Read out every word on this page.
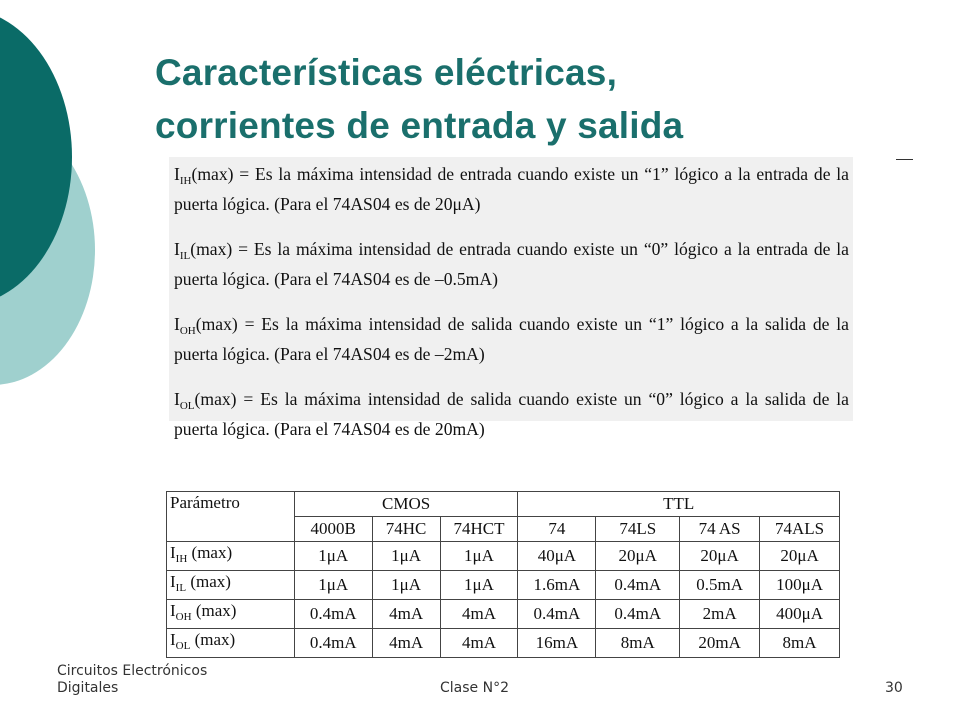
Características eléctricas,
corrientes de entrada y salida

$I_{IH}(\max) = Es$ la máxima intensidad de entrada cuando existe un “1” lógico a la entrada de la puerta lógica. (Para el 74AS04 es de 20μA)

$I_{IL}(\max) = Es$ la máxima intensidad de entrada cuando existe un “0” lógico a la entrada de la puerta lógica. (Para el 74AS04 es de –0.5mA)

$I_{OH}(\max) = Es$ la máxima intensidad de salida cuando existe un “1” lógico a la salida de la puerta lógica. (Para el 74AS04 es de –2mA)

$I_{OL}(\max) = Es$ la máxima intensidad de salida cuando existe un “0” lógico a la salida de la puerta lógica. (Para el 74AS04 es de 20mA)

Parámetro	CMOS			TTL			
	4000B	74HC	74HCT	74	74LS	74 AS	74ALS
$I_{IH}$ (max)	1μA	1μA	1μA	40μA	20μA	20μA	20μA
$I_{IL}$ (max)	1μA	1μA	1μA	1.6mA	0.4mA	0.5mA	100μA
$I_{OH}$ (max)	0.4mA	4mA	4mA	0.4mA	0.4mA	2mA	400μA
$I_{OL}$ (max)	0.4mA	4mA	4mA	16mA	8mA	20mA	8mA
Circuitos Electrónicos
Digitales	Clase N°2	30
